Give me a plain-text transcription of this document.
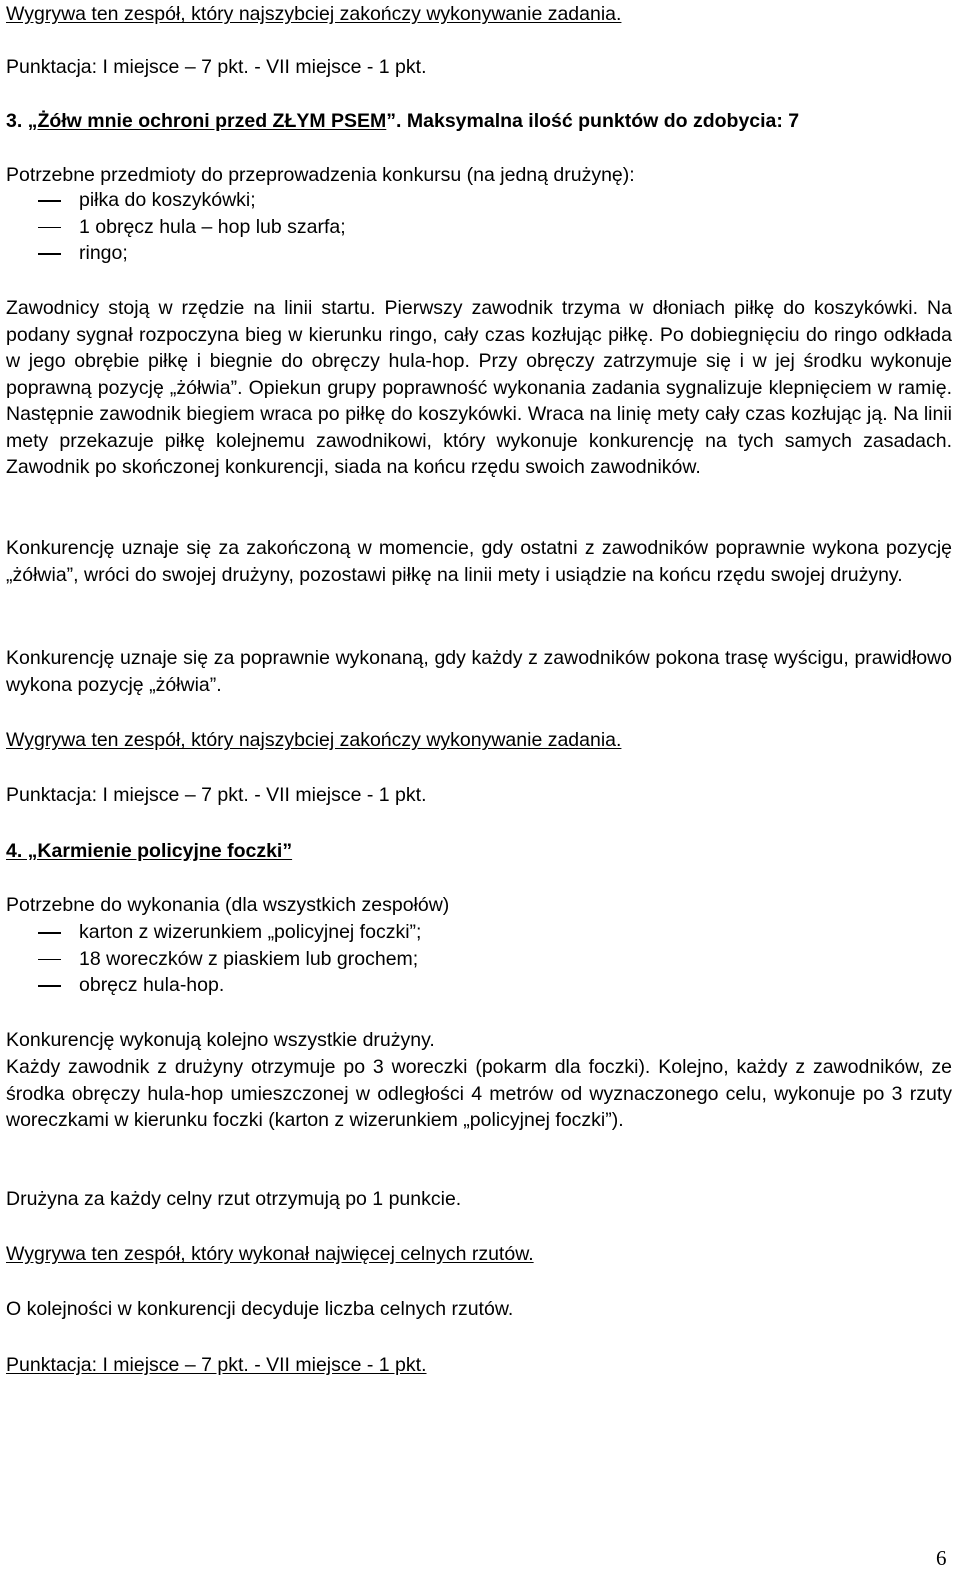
Wygrywa ten zespół, który najszybciej zakończy wykonywanie zadania.

Punktacja: I miejsce – 7 pkt. - VII miejsce - 1 pkt.

3. „Żółw mnie ochroni przed ZŁYM PSEM”. Maksymalna ilość punktów do zdobycia: 7

Potrzebne przedmioty do przeprowadzenia konkursu (na jedną drużynę):

piłka do koszykówki;
1 obręcz hula – hop lub szarfa;
ringo;

Zawodnicy stoją w rzędzie na linii startu. Pierwszy zawodnik trzyma w dłoniach piłkę do koszykówki. Na podany sygnał rozpoczyna bieg w kierunku ringo, cały czas kozłując piłkę. Po dobiegnięciu do ringo odkłada w jego obrębie piłkę i biegnie do obręczy hula-hop. Przy obręczy zatrzymuje się i w jej środku wykonuje poprawną pozycję „żółwia”. Opiekun grupy poprawność wykonania zadania sygnalizuje klepnięciem w ramię. Następnie zawodnik biegiem wraca po piłkę do koszykówki. Wraca na linię mety cały czas kozłując ją. Na linii mety przekazuje piłkę kolejnemu zawodnikowi, który wykonuje konkurencję na tych samych zasadach. Zawodnik po skończonej konkurencji, siada na końcu rzędu swoich zawodników.

Konkurencję uznaje się za zakończoną w momencie, gdy ostatni z zawodników poprawnie wykona pozycję „żółwia”, wróci do swojej drużyny, pozostawi piłkę na linii mety i usiądzie na końcu rzędu swojej drużyny.

Konkurencję uznaje się za poprawnie wykonaną, gdy każdy z zawodników pokona trasę wyścigu, prawidłowo wykona pozycję „żółwia”.

Wygrywa ten zespół, który najszybciej zakończy wykonywanie zadania.

Punktacja: I miejsce – 7 pkt. - VII miejsce - 1 pkt.

4. „Karmienie policyjne foczki”

Potrzebne do wykonania (dla wszystkich zespołów)

karton z wizerunkiem „policyjnej foczki”;
18 woreczków z piaskiem lub grochem;
obręcz hula-hop.

Konkurencję wykonują kolejno wszystkie drużyny.

Każdy zawodnik z drużyny otrzymuje po 3 woreczki (pokarm dla foczki). Kolejno, każdy z zawodników, ze środka obręczy hula-hop umieszczonej w odległości 4 metrów od wyznaczonego celu, wykonuje po 3 rzuty woreczkami w kierunku foczki (karton z wizerunkiem „policyjnej foczki”).

Drużyna za każdy celny rzut otrzymują po 1 punkcie.

Wygrywa ten zespół, który wykonał najwięcej celnych rzutów.

O kolejności w konkurencji decyduje liczba celnych rzutów.

Punktacja: I miejsce – 7 pkt. - VII miejsce - 1 pkt.

6
